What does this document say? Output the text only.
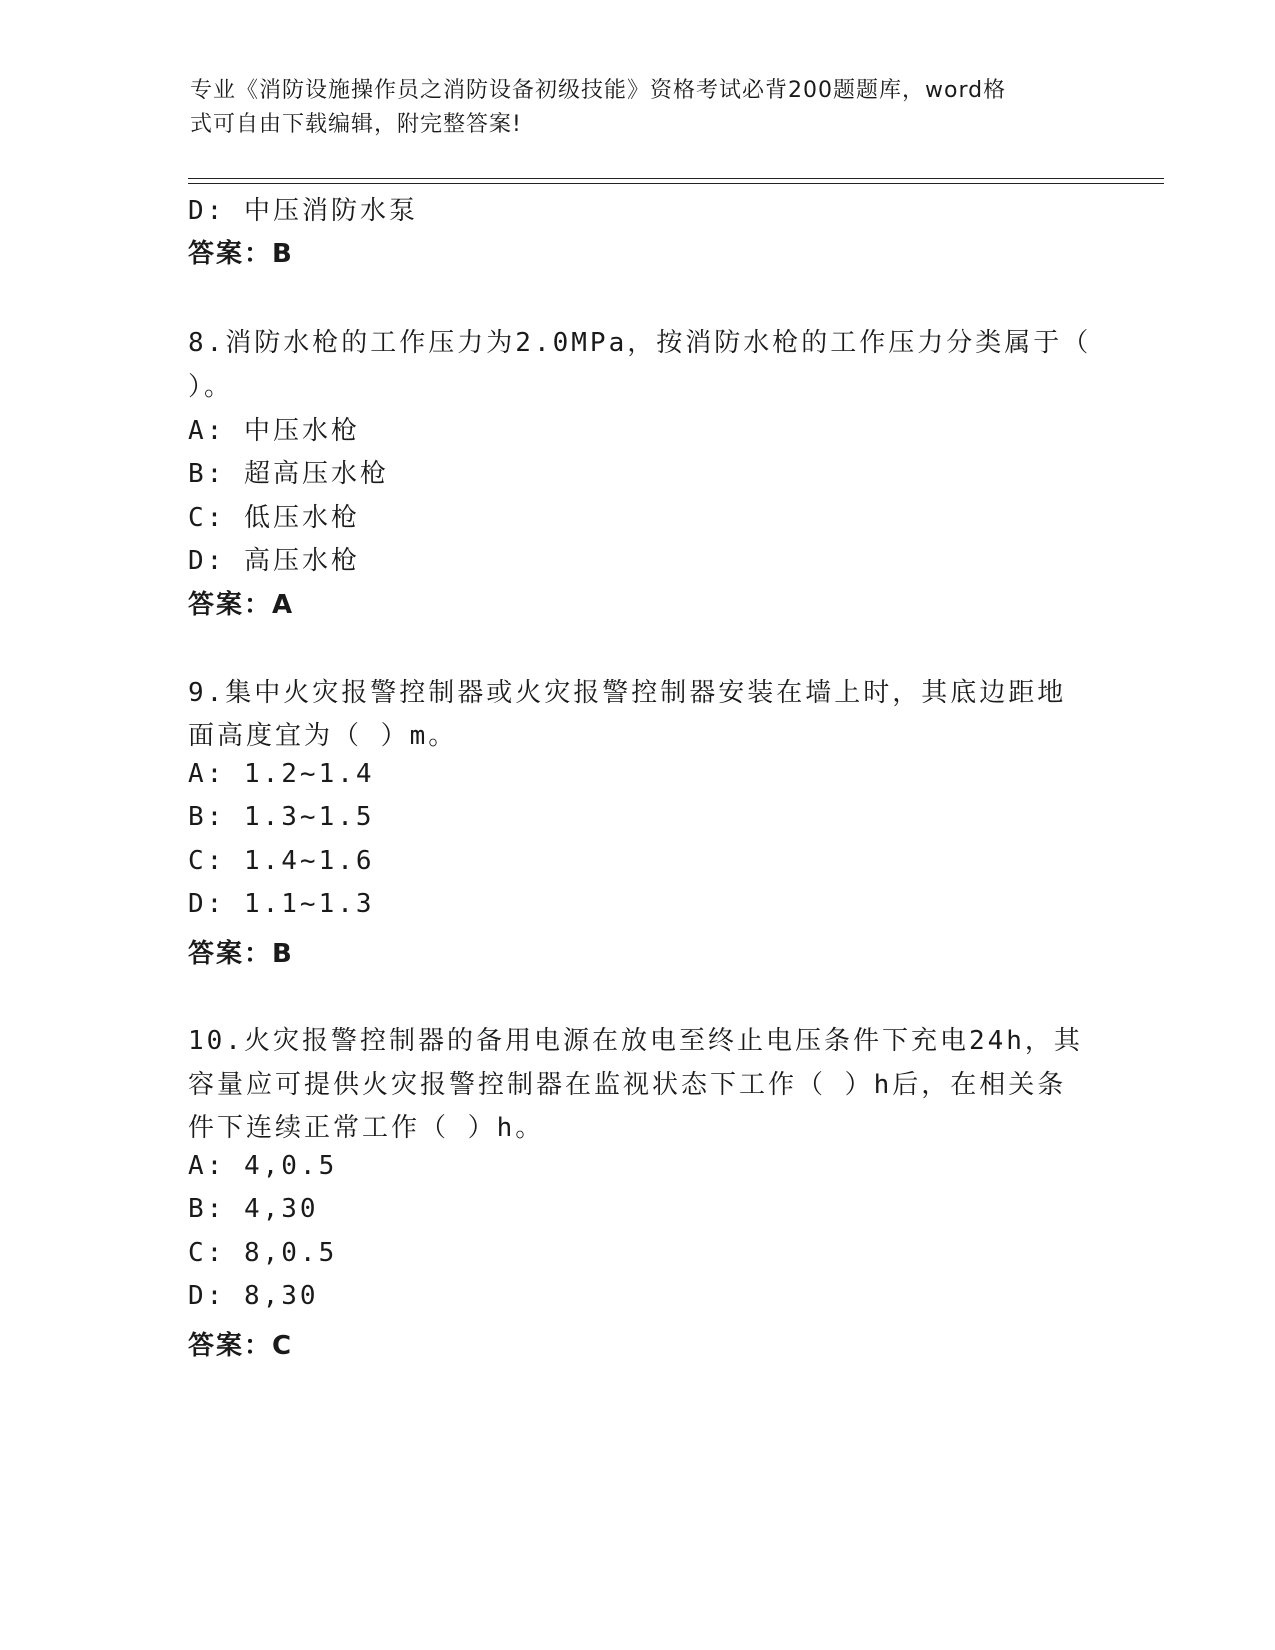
专业《消防设施操作员之消防设备初级技能》资格考试必背200题题库，word格
式可自由下载编辑，附完整答案!
D: 中压消防水泵
答案：B
8.消防水枪的工作压力为2.0MPa，按消防水枪的工作压力分类属于（
）。
A: 中压水枪
B: 超高压水枪
C: 低压水枪
D: 高压水枪
答案：A
9.集中火灾报警控制器或火灾报警控制器安装在墙上时，其底边距地
面高度宜为（ ）m。
A: 1.2~1.4
B: 1.3~1.5
C: 1.4~1.6
D: 1.1~1.3
答案：B
10.火灾报警控制器的备用电源在放电至终止电压条件下充电24h，其
容量应可提供火灾报警控制器在监视状态下工作（ ）h后，在相关条
件下连续正常工作（ ）h。
A: 4,0.5
B: 4,30
C: 8,0.5
D: 8,30
答案：C
